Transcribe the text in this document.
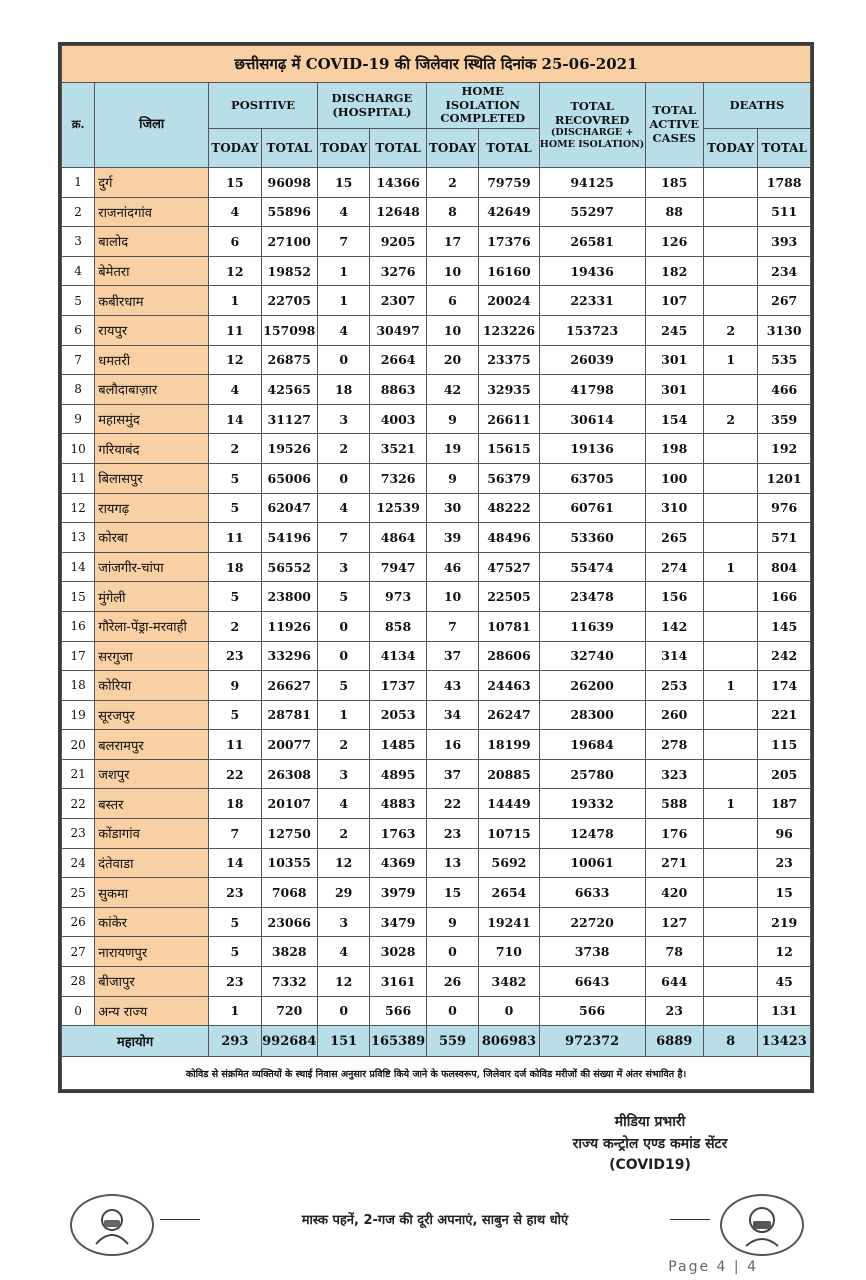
छत्तीसगढ़ में COVID-19 की जिलेवार स्थिति दिनांक 25-06-2021											
क्र.	जिला	POSITIVE		DISCHARGE (HOSPITAL)		HOME ISOLATION COMPLETED		TOTAL RECOVRED
(DISCHARGE + HOME ISOLATION)	TOTAL ACTIVE CASES	DEATHS	
		TODAY	TOTAL	TODAY	TOTAL	TODAY	TOTAL			TODAY	TOTAL
1	दुर्ग	15	96098	15	14366	2	79759	94125	185		1788
2	राजनांदगांव	4	55896	4	12648	8	42649	55297	88		511
3	बालोद	6	27100	7	9205	17	17376	26581	126		393
4	बेमेतरा	12	19852	1	3276	10	16160	19436	182		234
5	कबीरधाम	1	22705	1	2307	6	20024	22331	107		267
6	रायपुर	11	157098	4	30497	10	123226	153723	245	2	3130
7	धमतरी	12	26875	0	2664	20	23375	26039	301	1	535
8	बलौदाबाज़ार	4	42565	18	8863	42	32935	41798	301		466
9	महासमुंद	14	31127	3	4003	9	26611	30614	154	2	359
10	गरियाबंद	2	19526	2	3521	19	15615	19136	198		192
11	बिलासपुर	5	65006	0	7326	9	56379	63705	100		1201
12	रायगढ़	5	62047	4	12539	30	48222	60761	310		976
13	कोरबा	11	54196	7	4864	39	48496	53360	265		571
14	जांजगीर-चांपा	18	56552	3	7947	46	47527	55474	274	1	804
15	मुंगेली	5	23800	5	973	10	22505	23478	156		166
16	गौरेला-पेंड्रा-मरवाही	2	11926	0	858	7	10781	11639	142		145
17	सरगुजा	23	33296	0	4134	37	28606	32740	314		242
18	कोरिया	9	26627	5	1737	43	24463	26200	253	1	174
19	सूरजपुर	5	28781	1	2053	34	26247	28300	260		221
20	बलरामपुर	11	20077	2	1485	16	18199	19684	278		115
21	जशपुर	22	26308	3	4895	37	20885	25780	323		205
22	बस्तर	18	20107	4	4883	22	14449	19332	588	1	187
23	कोंडागांव	7	12750	2	1763	23	10715	12478	176		96
24	दंतेवाडा	14	10355	12	4369	13	5692	10061	271		23
25	सुकमा	23	7068	29	3979	15	2654	6633	420		15
26	कांकेर	5	23066	3	3479	9	19241	22720	127		219
27	नारायणपुर	5	3828	4	3028	0	710	3738	78		12
28	बीजापुर	23	7332	12	3161	26	3482	6643	644		45
0	अन्य राज्य	1	720	0	566	0	0	566	23		131
महायोग		293	992684	151	165389	559	806983	972372	6889	8	13423
कोविड से संक्रमित व्यक्तियों के स्थाई निवास अनुसार प्रविष्टि किये जाने के फलस्वरूप, जिलेवार दर्ज कोविड मरीजों की संख्या में अंतर संभावित है।											
मीडिया प्रभारी
राज्य कन्ट्रोल एण्ड कमांड सेंटर
(COVID19)
मास्क पहनें, 2-गज की दूरी अपनाएं, साबुन से हाथ धोएं
Page 4 | 4
